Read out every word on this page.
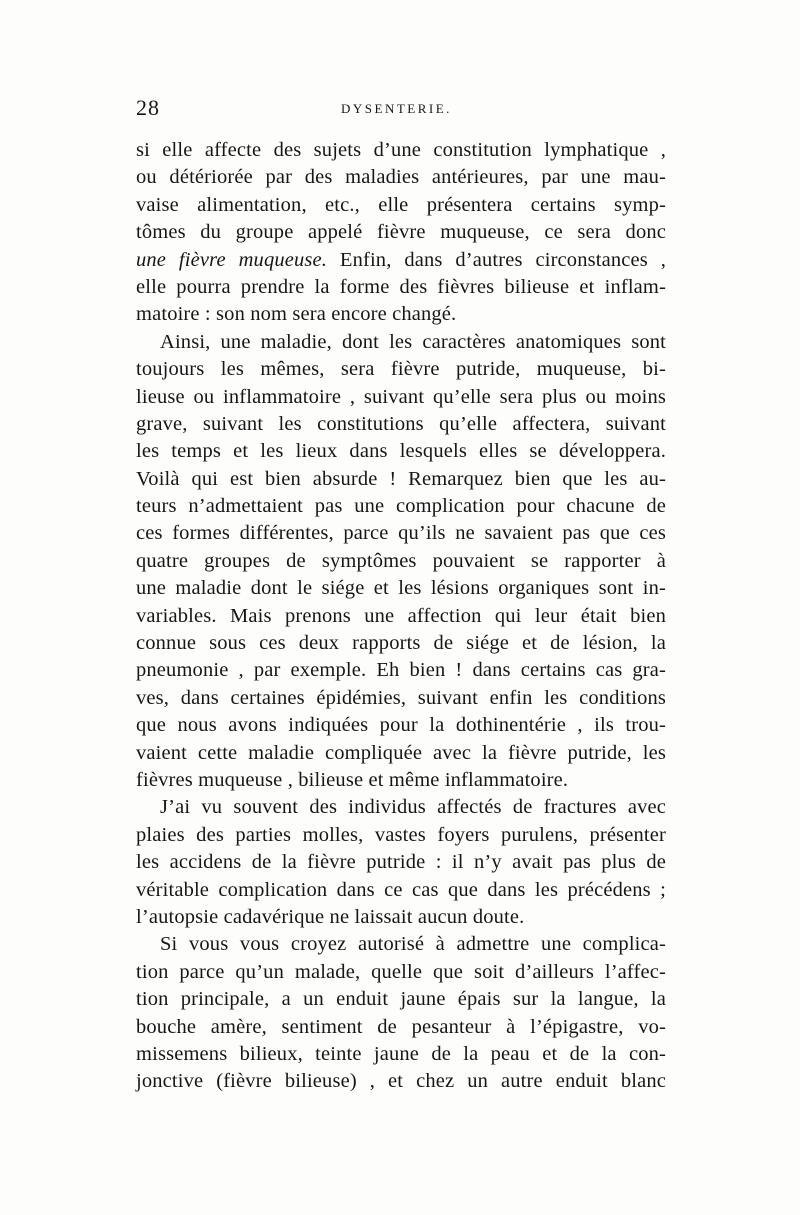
28	DYSENTERIE.
si elle affecte des sujets d’une constitution lymphatique ,
ou détériorée par des maladies antérieures, par une mau-
vaise alimentation, etc., elle présentera certains symp-
tômes du groupe appelé fièvre muqueuse, ce sera donc
une fièvre muqueuse. Enfin, dans d’autres circonstances ,
elle pourra prendre la forme des fièvres bilieuse et inflam-
matoire : son nom sera encore changé.
Ainsi, une maladie, dont les caractères anatomiques sont
toujours les mêmes, sera fièvre putride, muqueuse, bi-
lieuse ou inflammatoire , suivant qu’elle sera plus ou moins
grave, suivant les constitutions qu’elle affectera, suivant
les temps et les lieux dans lesquels elles se développera.
Voilà qui est bien absurde ! Remarquez bien que les au-
teurs n’admettaient pas une complication pour chacune de
ces formes différentes, parce qu’ils ne savaient pas que ces
quatre groupes de symptômes pouvaient se rapporter à
une maladie dont le siége et les lésions organiques sont in-
variables. Mais prenons une affection qui leur était bien
connue sous ces deux rapports de siége et de lésion, la
pneumonie , par exemple. Eh bien ! dans certains cas gra-
ves, dans certaines épidémies, suivant enfin les conditions
que nous avons indiquées pour la dothinentérie , ils trou-
vaient cette maladie compliquée avec la fièvre putride, les
fièvres muqueuse , bilieuse et même inflammatoire.
J’ai vu souvent des individus affectés de fractures avec
plaies des parties molles, vastes foyers purulens, présenter
les accidens de la fièvre putride : il n’y avait pas plus de
véritable complication dans ce cas que dans les précédens ;
l’autopsie cadavérique ne laissait aucun doute.
Si vous vous croyez autorisé à admettre une complica-
tion parce qu’un malade, quelle que soit d’ailleurs l’affec-
tion principale, a un enduit jaune épais sur la langue, la
bouche amère, sentiment de pesanteur à l’épigastre, vo-
missemens bilieux, teinte jaune de la peau et de la con-
jonctive (fièvre bilieuse) , et chez un autre enduit blanc
